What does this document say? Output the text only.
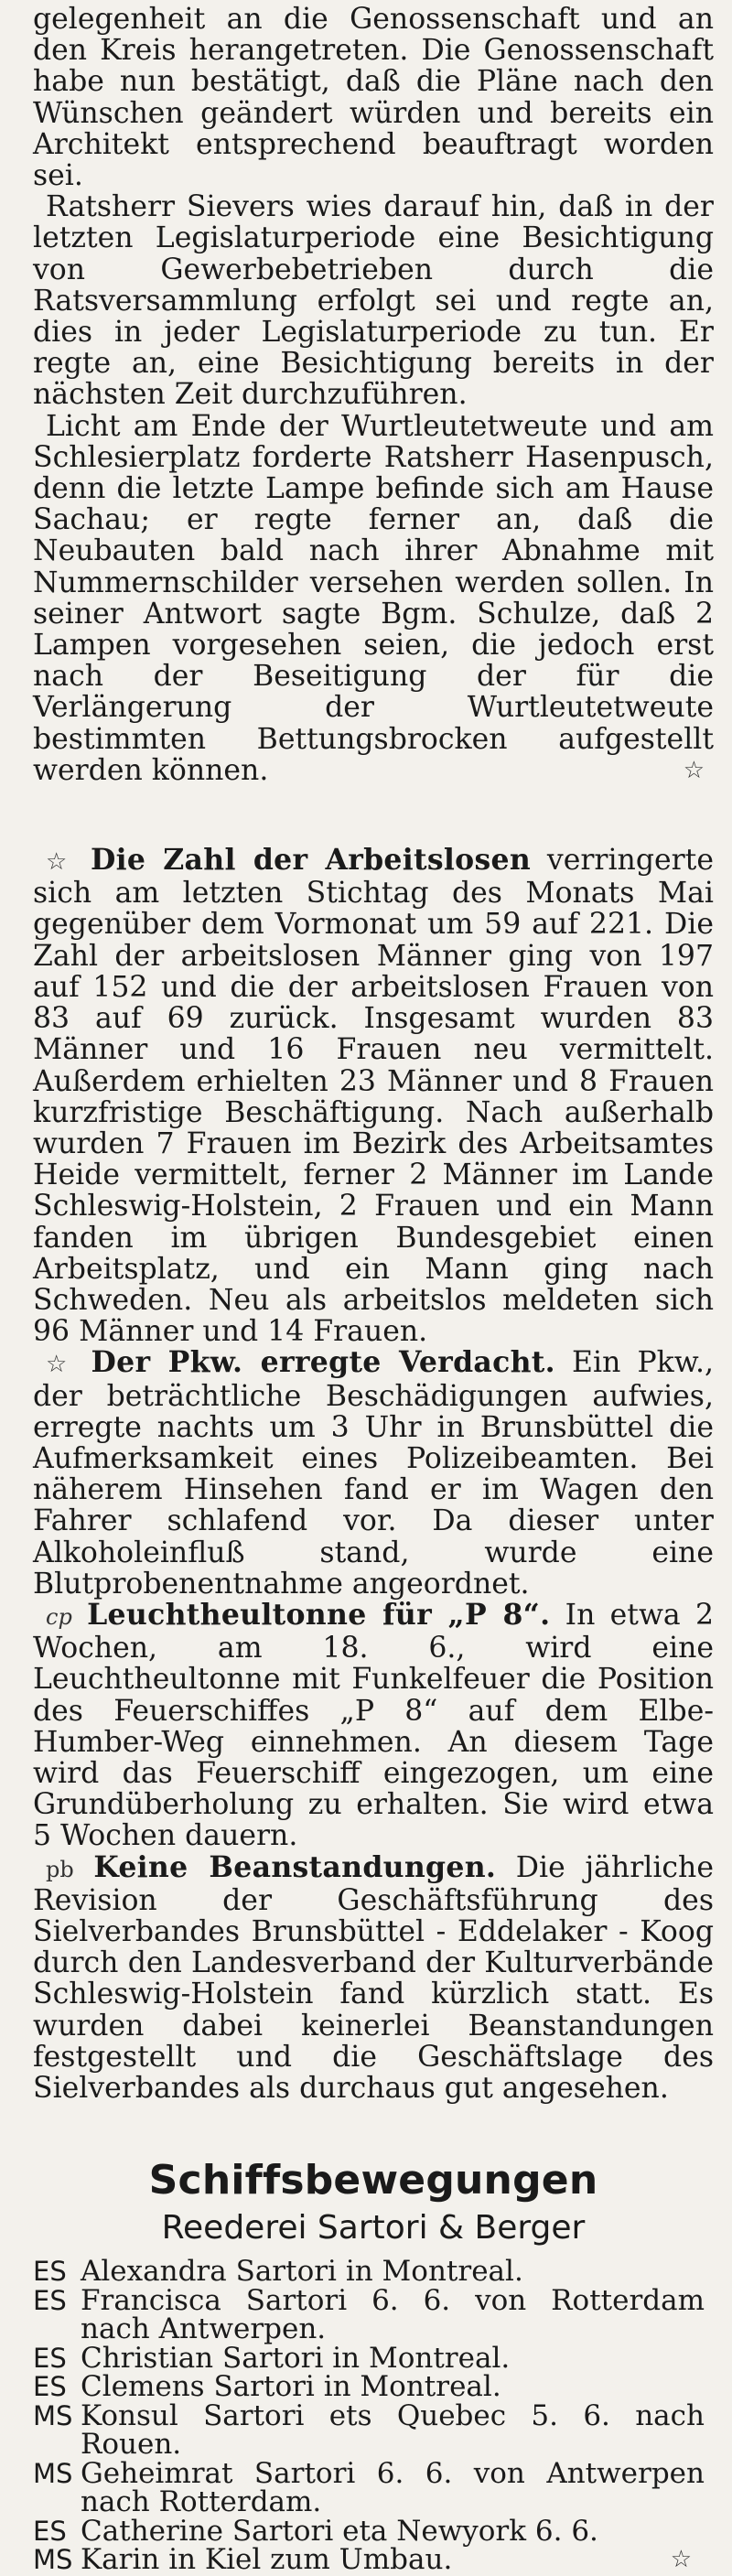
gelegenheit an die Genossenschaft und an den Kreis herangetreten. Die Genossenschaft habe nun bestätigt, daß die Pläne nach den Wünschen geändert würden und bereits ein Architekt entsprechend beauftragt worden sei.

Ratsherr Sievers wies darauf hin, daß in der letzten Legislaturperiode eine Besichtigung von Gewerbebetrieben durch die Ratsversammlung erfolgt sei und regte an, dies in jeder Legislaturperiode zu tun. Er regte an, eine Besichtigung bereits in der nächsten Zeit durchzuführen.

Licht am Ende der Wurtleutetweute und am Schlesierplatz forderte Ratsherr Hasenpusch, denn die letzte Lampe befinde sich am Hause Sachau; er regte ferner an, daß die Neubauten bald nach ihrer Abnahme mit Nummernschilder versehen werden sollen. In seiner Antwort sagte Bgm. Schulze, daß 2 Lampen vorgesehen seien, die jedoch erst nach der Beseitigung der für die Verlängerung der Wurtleutetweute bestimmten Bettungsbrocken aufgestellt werden können.	☆

☆ Die Zahl der Arbeitslosen verringerte sich am letzten Stichtag des Monats Mai gegenüber dem Vormonat um 59 auf 221. Die Zahl der arbeitslosen Männer ging von 197 auf 152 und die der arbeitslosen Frauen von 83 auf 69 zurück. Insgesamt wurden 83 Männer und 16 Frauen neu vermittelt. Außerdem erhielten 23 Männer und 8 Frauen kurzfristige Beschäftigung. Nach außerhalb wurden 7 Frauen im Bezirk des Arbeitsamtes Heide vermittelt, ferner 2 Männer im Lande Schleswig-Holstein, 2 Frauen und ein Mann fanden im übrigen Bundesgebiet einen Arbeitsplatz, und ein Mann ging nach Schweden. Neu als arbeitslos meldeten sich 96 Männer und 14 Frauen.

☆ Der Pkw. erregte Verdacht. Ein Pkw., der beträchtliche Beschädigungen aufwies, erregte nachts um 3 Uhr in Brunsbüttel die Aufmerksamkeit eines Polizeibeamten. Bei näherem Hinsehen fand er im Wagen den Fahrer schlafend vor. Da dieser unter Alkoholeinfluß stand, wurde eine Blutprobenentnahme angeordnet.

cp Leuchtheultonne für „P 8“. In etwa 2 Wochen, am 18. 6., wird eine Leuchtheultonne mit Funkelfeuer die Position des Feuerschiffes „P 8“ auf dem Elbe-Humber-Weg einnehmen. An diesem Tage wird das Feuerschiff eingezogen, um eine Grundüberholung zu erhalten. Sie wird etwa 5 Wochen dauern.

pb Keine Beanstandungen. Die jährliche Revision der Geschäftsführung des Sielverbandes Brunsbüttel - Eddelaker - Koog durch den Landesverband der Kulturverbände Schleswig-Holstein fand kürzlich statt. Es wurden dabei keinerlei Beanstandungen festgestellt und die Geschäftslage des Sielverbandes als durchaus gut angesehen.

Schiffsbewegungen
Reederei Sartori & Berger
ES Alexandra Sartori in Montreal.
ES Francisca Sartori 6. 6. von Rotterdam nach Antwerpen.
ES Christian Sartori in Montreal.
ES Clemens Sartori in Montreal.
MS Konsul Sartori ets Quebec 5. 6. nach Rouen.
MS Geheimrat Sartori 6. 6. von Antwerpen nach Rotterdam.
ES Catherine Sartori eta Newyork 6. 6.
MS Karin in Kiel zum Umbau.	☆
